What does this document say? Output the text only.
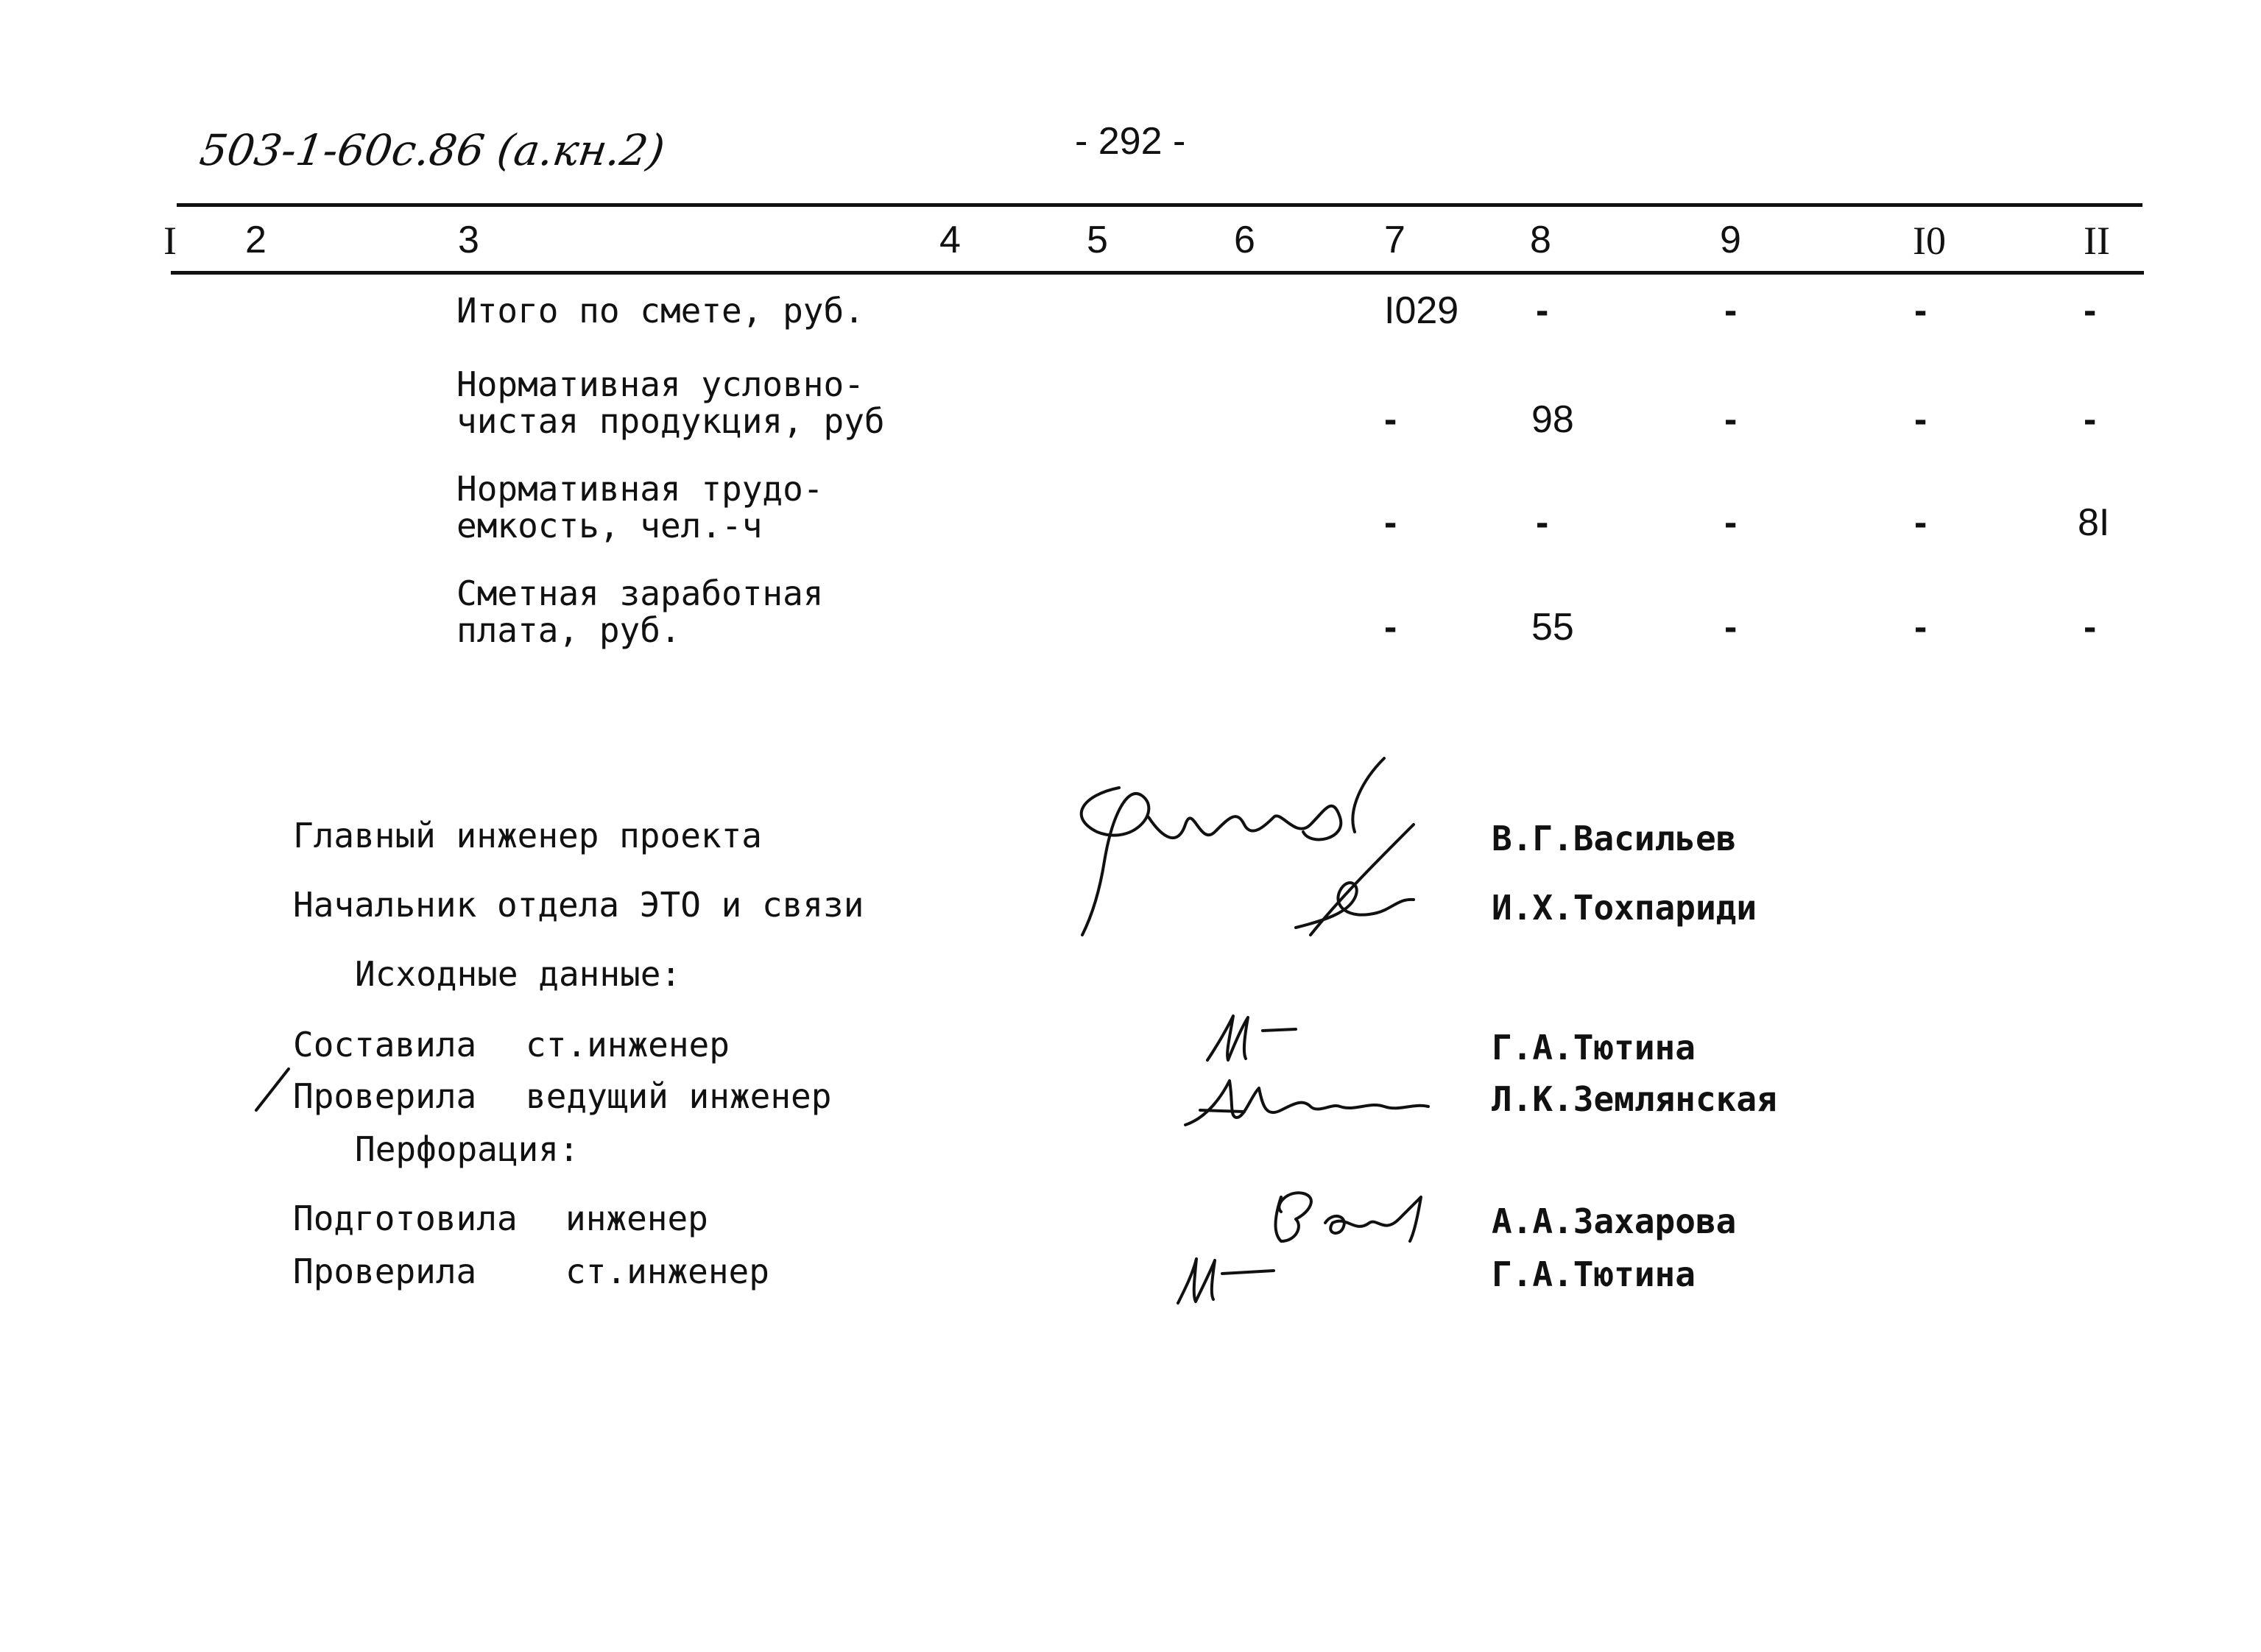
503-1-60с.86 (а.кн.2)	- 292 -
I 2	3	4	5	6	7	8	9	I0	II
Итого по смете, руб.	I029 -	-	-	-
Нормативная условно-
чистая продукция, руб	-	98	-	-	-
Нормативная трудо-
емкость, чел.-ч	-	-	-	-	8I
Сметная заработная
плата, руб.	-	55	-	-	-
Главный инженер проекта	В.Г.Васильев
Начальник отдела ЭТО и связи	И.Х.Тохпариди
Исходные данные:
Составила ст.инженер	Г.А.Тютина
Проверила ведущий инженер	Л.К.Землянская
Перфорация:
Подготовила инженер	А.А.Захарова
Проверила	ст.инженер	Г.А.Тютина
